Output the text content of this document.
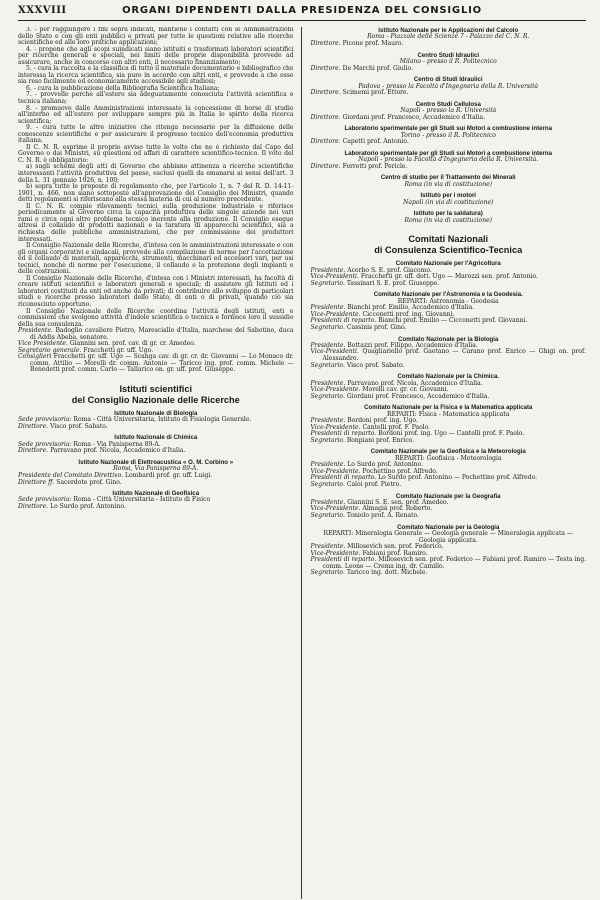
XXXVIII	ORGANI DIPENDENTI DALLA PRESIDENZA DEL CONSIGLIO

3. - per raggiungere i fini sopra indicati, mantiene i contatti con le Amministrazioni dello Stato e con gli enti pubblici e privati per tutte le questioni relative alle ricerche scientifiche ed alle loro pratiche applicazioni;

4. - propone che agli scopi suindicati siano istituiti e trasformati laboratori scientifici per ricerche generali e speciali, nei limiti delle proprie disponibilità provvede ad assicurare, anche in concorso con altri enti, il necessario finanziamento;

5. - cura la raccolta e la classifica di tutto il materiale documentario e bibliografico che interessa la ricerca scientifica, sia pure in accordo con altri enti, e provvede a che esso sia reso facilmente ed economicamente accessibile agli studiosi;

6. - cura la pubblicazione della Bibliografia Scientifica Italiana;

7. - provvede perchè all'estero sia adeguatamente conosciuta l'attività scientifica e tecnica italiana;

8. - promuove dalle Amministrazioni interessate la concessione di borse di studio all'interno ed all'estero per sviluppare sempre più in Italia lo spirito della ricerca scientifica;

9. - cura tutte le altre iniziative che ritenga necessarie per la diffusione delle conoscenze scientifiche e per assicurare il progresso tecnico dell'economia produttiva italiana.

Il C. N. R. esprime il proprio avviso tutte le volte che ne è richiesto dal Capo del Governo o dai Ministri, su questioni od affari di carattere scientifico-tecnico. Il voto del C. N. R. è obbligatorio:

a) sugli schemi degli atti di Governo che abbiano attinenza a ricerche scientifiche interessanti l'attività produttiva del paese, esclusi quelli da emanarsi ai sensi dell'art. 3 della L. 31 gennaio 1926, n. 100;

b) sopra tutte le proposte di regolamento che, per l'articolo 1, n. 7 del R. D. 14-11-1901, n. 466, non siano sottoposte all'approvazione del Consiglio dei Ministri, quando detti regolamenti si riferiscano alla stessa materia di cui al numero precedente.

Il C. N. R. compie rilevamenti tecnici sulla produzione industriale e riferisce periodicamente al Governo circa la capacità produttiva delle singole aziende nei vari rami e circa ogni altro problema tecnico inerente alla produzione. Il Consiglio esegue altresì il collaudo di prodotti nazionali e la taratura di apparecchi scientifici, sia a richiesta delle pubbliche amministrazioni, che per commissione dei produttori interessati.

Il Consiglio Nazionale delle Ricerche, d'intesa con le amministrazioni interessate e con gli organi corporativi e sindacali, provvede alla compilazione di norme per l'accettazione ed il collaudo di materiali, apparecchi, strumenti, macchinari ed accessori vari, per usi tecnici, nonchè di norme per l'esecuzione, il collaudo e la protezione degli impianti e delle costruzioni.

Il Consiglio Nazionale delle Ricerche, d'intesa con i Ministri interessati, ha facoltà di creare istituti scientifici e laboratori generali e speciali; di assistere gli Istituti ed i laboratori costituiti da enti od anche da privati; di contribuire allo sviluppo di particolari studi e ricerche presso laboratori dello Stato, di enti o di privati, quando ciò sia riconosciuto opportuno.

Il Consiglio Nazionale delle Ricerche coordina l'attività degli istituti, enti e commissioni che svolgono attività d'indole scientifica o tecnica e fornisce loro il sussidio della sua consulenza.

Presidente. Badoglio cavaliere Pietro, Maresciallo d'Italia, marchese del Sabotino, duca di Addis Abeba, senatore.

Vice Presidente. Giannini sen. prof. cav. di gr. cr. Amedeo.

Segretario generale. Fracchetti gr. uff. Ugo.

Consiglieri Fracchetti gr. uff. Ugo — Scanga cav. di gr. cr. dr. Giovanni — Lo Monaco dr. comm. Attilio — Morelli dr. comm. Antonio — Taricco ing. prof. comm. Michele — Benedetti prof. comm. Carlo — Tallarico on. gr. uff. prof. Giuseppe.

Istituti scientifici

del Consiglio Nazionale delle Ricerche

Istituto Nazionale di Biologia

Sede provvisoria: Roma - Città Universitaria, Istituto di Fisiologia Generale.

Direttore. Visco prof. Sabato.

Istituto Nazionale di Chimica

Sede provvisoria: Roma - Via Panisperna 89-A.

Direttore. Parravano prof. Nicola, Accademico d'Italia.

Istituto Nazionale di Elettroacustica « O. M. Corbino »

Roma, Via Panisperna 89-A.

Presidente del Comitato Direttivo. Lombardi prof. gr. uff. Luigi.

Direttore ff. Sacerdote prof. Gino.

Istituto Nazionale di Geofisica

Sede provvisoria: Roma - Città Universitaria - Istituto di Fisico

Direttore. Lo Surdo prof. Antonino.

Istituto Nazionale per le Applicazioni del Calcolo

Roma - Piazzale delle Scienze 7 - Palazzo del C. N. R.

Direttore. Picone prof. Mauro.

Centro Studi Idraulici

Milano - presso il R. Politecnico

Direttore. De Marchi prof. Giulio.

Centro di Studi Idraulici

Padova - presso la Facoltà d'Ingegneria della R. Università

Direttore. Scimemi prof. Ettore.

Centro Studi Cellulosa

Napoli - presso la R. Università

Direttore. Giordani prof. Francesco, Accademico d'Italia.

Laboratorio sperimentale per gli Studi sui Motori a combustione interna

Torino - presso il R. Politecnico

Direttore. Capetti prof. Antonio.

Laboratorio sperimentale per gli Studi sui Motori a combustione interna

Napoli - presso la Facoltà d'Ingegneria della R. Università.

Direttore. Ferretti prof. Pericle.

Centro di studio per il Trattamento dei Minerali

Roma (in via di costituzione)

Istituto per i motori

Napoli (in via di costituzione)

Istituto per la saldatura)

Roma (in via di costituzione)

Comitati Nazionali

di Consulenza Scientifico-Tecnica

Comitato Nazionale per l'Agricoltura

Presidente. Acerbo S. E. prof. Giacomo.

Vice-Presidenti. Fracchetti gr. uff. dott. Ugo — Marozzi sen. prof. Antonio.

Segretario. Tassinari S. E. prof. Giuseppe.

Comitato Nazionale per l'Astronomia e la Geodesia.

REPARTI: Astronomia - Geodesia

Presidente. Bianchi prof. Emilio, Accademico d'Italia.

Vice-Presidente. Cicconetti prof. ing. Giovanni.

Presidenti di reparto. Bianchi prof. Emilio — Cicconetti prof. Giovanni.

Segretario. Cassinis prof. Gino.

Comitato Nazionale per la Biologia

Presidente. Bottazzi prof. Filippo, Accademico d'Italia.

Vice-Presidenti. Quagliariello prof. Gaetano — Carano prof. Enrico — Ghigi on. prof. Alessandro.

Segretario. Visco prof. Sabato.

Comitato Nazionale per la Chimica.

Presidente. Parravano prof. Nicola, Accademico d'Italia.

Vice-Presidente. Morelli cav. gr. cr. Giovanni.

Segretario. Giordani prof. Francesco, Accademico d'Italia.

Comitato Nazionale per la Fisica e la Matematica applicata

REPARTI: Fisica - Matematica applicata

Presidente. Bordoni prof. ing. Ugo.

Vice-Presidente. Cantelli prof. F. Paolo.

Presidenti di reparto. Bordoni prof. ing. Ugo — Cantelli prof. F. Paolo.

Segretario. Bonpiani prof. Enrico.

Comitato Nazionale per la Geofisica e la Meteorologia

REPARTI: Geofisica - Meteorologia

Presidente. Lo Surdo prof. Antonino.

Vice-Presidente. Pochettino prof. Alfredo.

Presidenti di reparto. Lo Surdo prof. Antonino — Pochettino prof. Alfredo.

Segretario. Caloi prof. Pietro.

Comitato Nazionale per la Geografia

Presidente. Giannini S. E. sen. prof. Amedeo.

Vice-Presidente. Almagià prof. Roberto.

Segretario. Toniolo prof. A. Renato.

Comitato Nazionale per la Geologia

REPARTI: Mineralogia Generale — Geologia generale — Mineralogia applicata — Geologia applicata.

Presidente. Millosevich sen. prof. Federico.

Vice-Presidente. Fabiani prof. Ramiro.

Presidenti di reparto. Millosevich sen. prof. Federico — Fabiani prof. Ramiro — Testa ing. comm. Leone — Crema ing. dr. Camillo.

Segretario. Taricco ing. dott. Michele.
